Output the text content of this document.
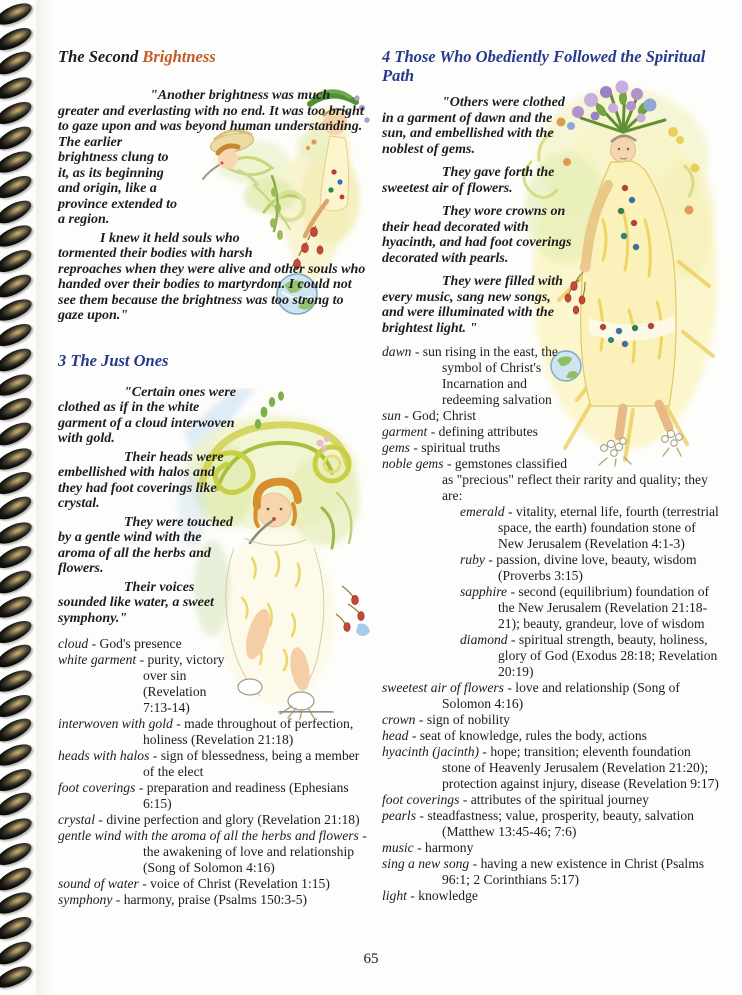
The Second Brightness

"Another brightness was much greater and everlasting with no end. It was too bright to gaze upon and was beyond human understanding. The earlier brightness clung to it, as its beginning and origin, like a province extended to a region.

I knew it held souls who tormented their bodies with harsh reproaches when they were alive and other souls who handed over their bodies to martyrdom. I could not see them because the brightness was too strong to gaze upon."

3 The Just Ones

"Certain ones were clothed as if in the white garment of a cloud interwoven with gold.

Their heads were embellished with halos and they had foot coverings like crystal.

They were touched by a gentle wind with the aroma of all the herbs and flowers.

Their voices sounded like water, a sweet symphony."

cloud - God's presence
white garment - purity, victory over sin (Revelation 7:13-14)
interwoven with gold - made throughout of perfection, holiness (Revelation 21:18)
heads with halos - sign of blessedness, being a member of the elect
foot coverings - preparation and readiness (Ephesians 6:15)
crystal - divine perfection and glory (Revelation 21:18)
gentle wind with the aroma of all the herbs and flowers - the awakening of love and relationship (Song of Solomon 4:16)
sound of water - voice of Christ (Revelation 1:15)
symphony - harmony, praise (Psalms 150:3-5)
4 Those Who Obediently Followed the Spiritual
Path

"Others were clothed in a garment of dawn and the sun, and embellished with the noblest of gems.

They gave forth the sweetest air of flowers.

They wore crowns on their head decorated with hyacinth, and had foot coverings decorated with pearls.

They were filled with every music, sang new songs, and were illuminated with the brightest light. "

dawn - sun rising in the east, the symbol of Christ's Incarnation and redeeming salvation
sun - God; Christ
garment - defining attributes
gems - spiritual truths
noble gems - gemstones classified as "precious" reflect their rarity and quality; they are:
emerald - vitality, eternal life, fourth (terrestrial space, the earth) foundation stone of New Jerusalem (Revelation 4:1-3)
ruby - passion, divine love, beauty, wisdom (Proverbs 3:15)
sapphire - second (equilibrium) foundation of the New Jerusalem (Revelation 21:18-21); beauty, grandeur, love of wisdom
diamond - spiritual strength, beauty, holiness, glory of God (Exodus 28:18; Revelation 20:19)
sweetest air of flowers - love and relationship (Song of Solomon 4:16)
crown - sign of nobility
head - seat of knowledge, rules the body, actions
hyacinth (jacinth) - hope; transition; eleventh foundation stone of Heavenly Jerusalem (Revelation 21:20); protection against injury, disease (Revelation 9:17)
foot coverings - attributes of the spiritual journey
pearls - steadfastness; value, prosperity, beauty, salvation (Matthew 13:45-46; 7:6)
music - harmony
sing a new song - having a new existence in Christ (Psalms 96:1; 2 Corinthians 5:17)
light - knowledge
65
